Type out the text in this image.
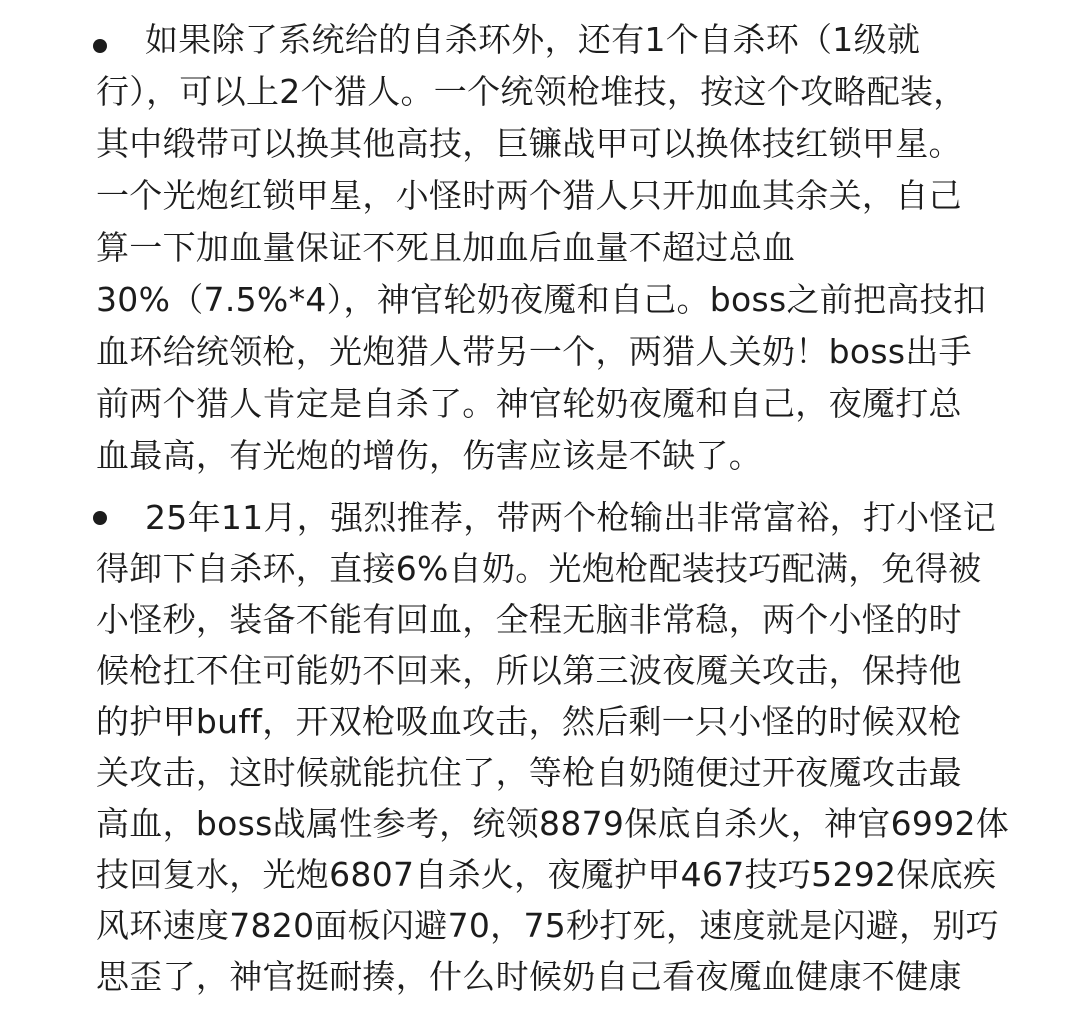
如果除了系统给的自杀环外，还有1个自杀环（1级就
行），可以上2个猎人。一个统领枪堆技，按这个攻略配装，
其中缎带可以换其他高技，巨镰战甲可以换体技红锁甲星。
一个光炮红锁甲星，小怪时两个猎人只开加血其余关，自己
算一下加血量保证不死且加血后血量不超过总血
30%（7.5%*4），神官轮奶夜魇和自己。boss之前把高技扣
血环给统领枪，光炮猎人带另一个，两猎人关奶！boss出手
前两个猎人肯定是自杀了。神官轮奶夜魇和自己，夜魇打总
血最高，有光炮的增伤，伤害应该是不缺了。
25年11月，强烈推荐，带两个枪输出非常富裕，打小怪记
得卸下自杀环，直接6%自奶。光炮枪配装技巧配满，免得被
小怪秒，装备不能有回血，全程无脑非常稳，两个小怪的时
候枪扛不住可能奶不回来，所以第三波夜魇关攻击，保持他
的护甲buff，开双枪吸血攻击，然后剩一只小怪的时候双枪
关攻击，这时候就能抗住了，等枪自奶随便过开夜魇攻击最
高血，boss战属性参考，统领8879保底自杀火，神官6992体
技回复水，光炮6807自杀火，夜魇护甲467技巧5292保底疾
风环速度7820面板闪避70，75秒打死，速度就是闪避，别巧
思歪了，神官挺耐揍，什么时候奶自己看夜魇血健康不健康
